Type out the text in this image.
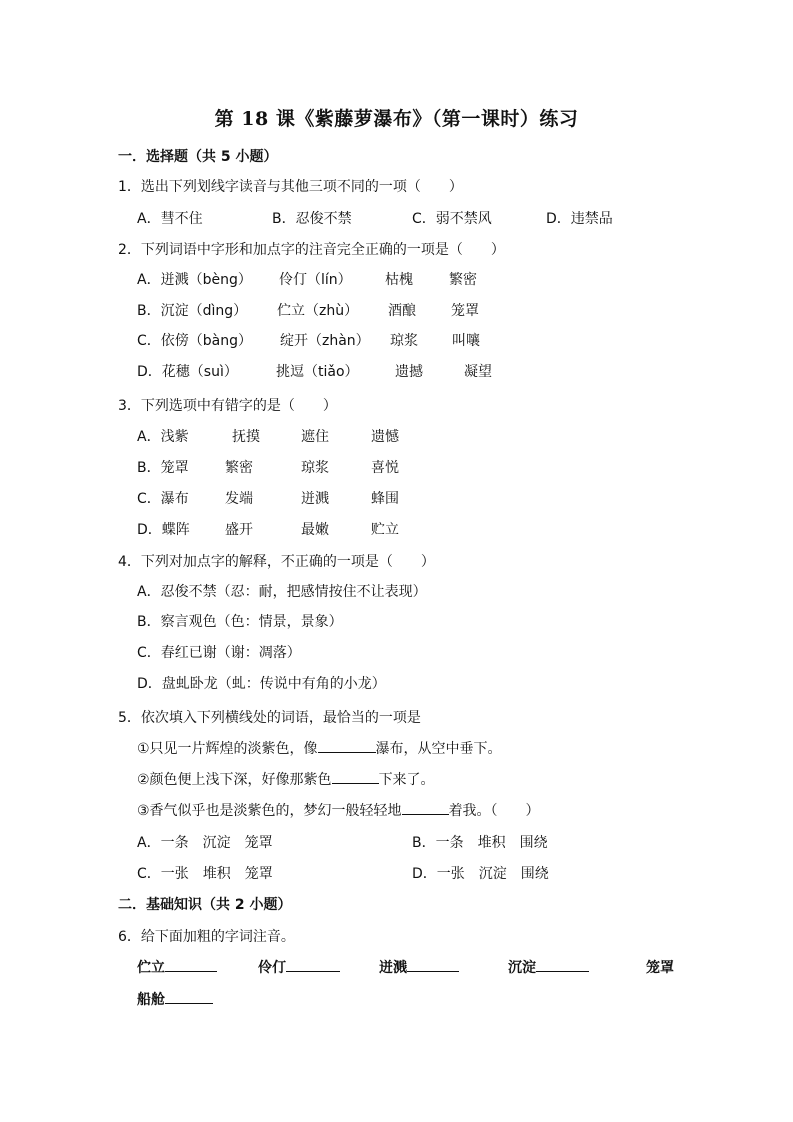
第 18 课《紫藤萝瀑布》（第一课时）练习
一．选择题（共 5 小题）
1．选出下列划线字读音与其他三项不同的一项（　　）
A．彗不住	B．忍俊不禁	C．弱不禁风	D．违禁品
2．下列词语中字形和加点字的注音完全正确的一项是（　　）
A．迸溅（bèng） 伶仃（lín） 枯槐	繁密
B．沉淀（dìng） 伫立（zhù） 酒酿	笼罩
C．依傍（bàng） 绽开（zhàn） 琼浆 叫嚷
D．花穗（suì）	挑逗（tiǎo）	遗撼	凝望
3．下列选项中有错字的是（　　）
A．浅紫	抚摸	遮住	遗憾
B．笼罩	繁密	琼浆	喜悦
C．瀑布	发端	迸溅	蜂围
D．蝶阵	盛开	最嫩	贮立
4．下列对加点字的解释，不正确的一项是（　　）
A．忍俊不禁（忍：耐，把感情按住不让表现）
B．察言观色（色：情景，景象）
C．春红已谢（谢：凋落）
D．盘虬卧龙（虬：传说中有角的小龙）
5．依次填入下列横线处的词语，最恰当的一项是
①只见一片辉煌的淡紫色，像	瀑布，从空中垂下。
②颜色便上浅下深，好像那紫色	下来了。
③香气似乎也是淡紫色的，梦幻一般轻轻地	着我。（　　）
A．一条　沉淀　笼罩	B．一条　堆积　围绕
C．一张　堆积　笼罩	D．一张　沉淀　围绕
二．基础知识（共 2 小题）
6．给下面加粗的字词注音。
伫立	伶仃	迸溅	沉淀	笼罩
船舱
